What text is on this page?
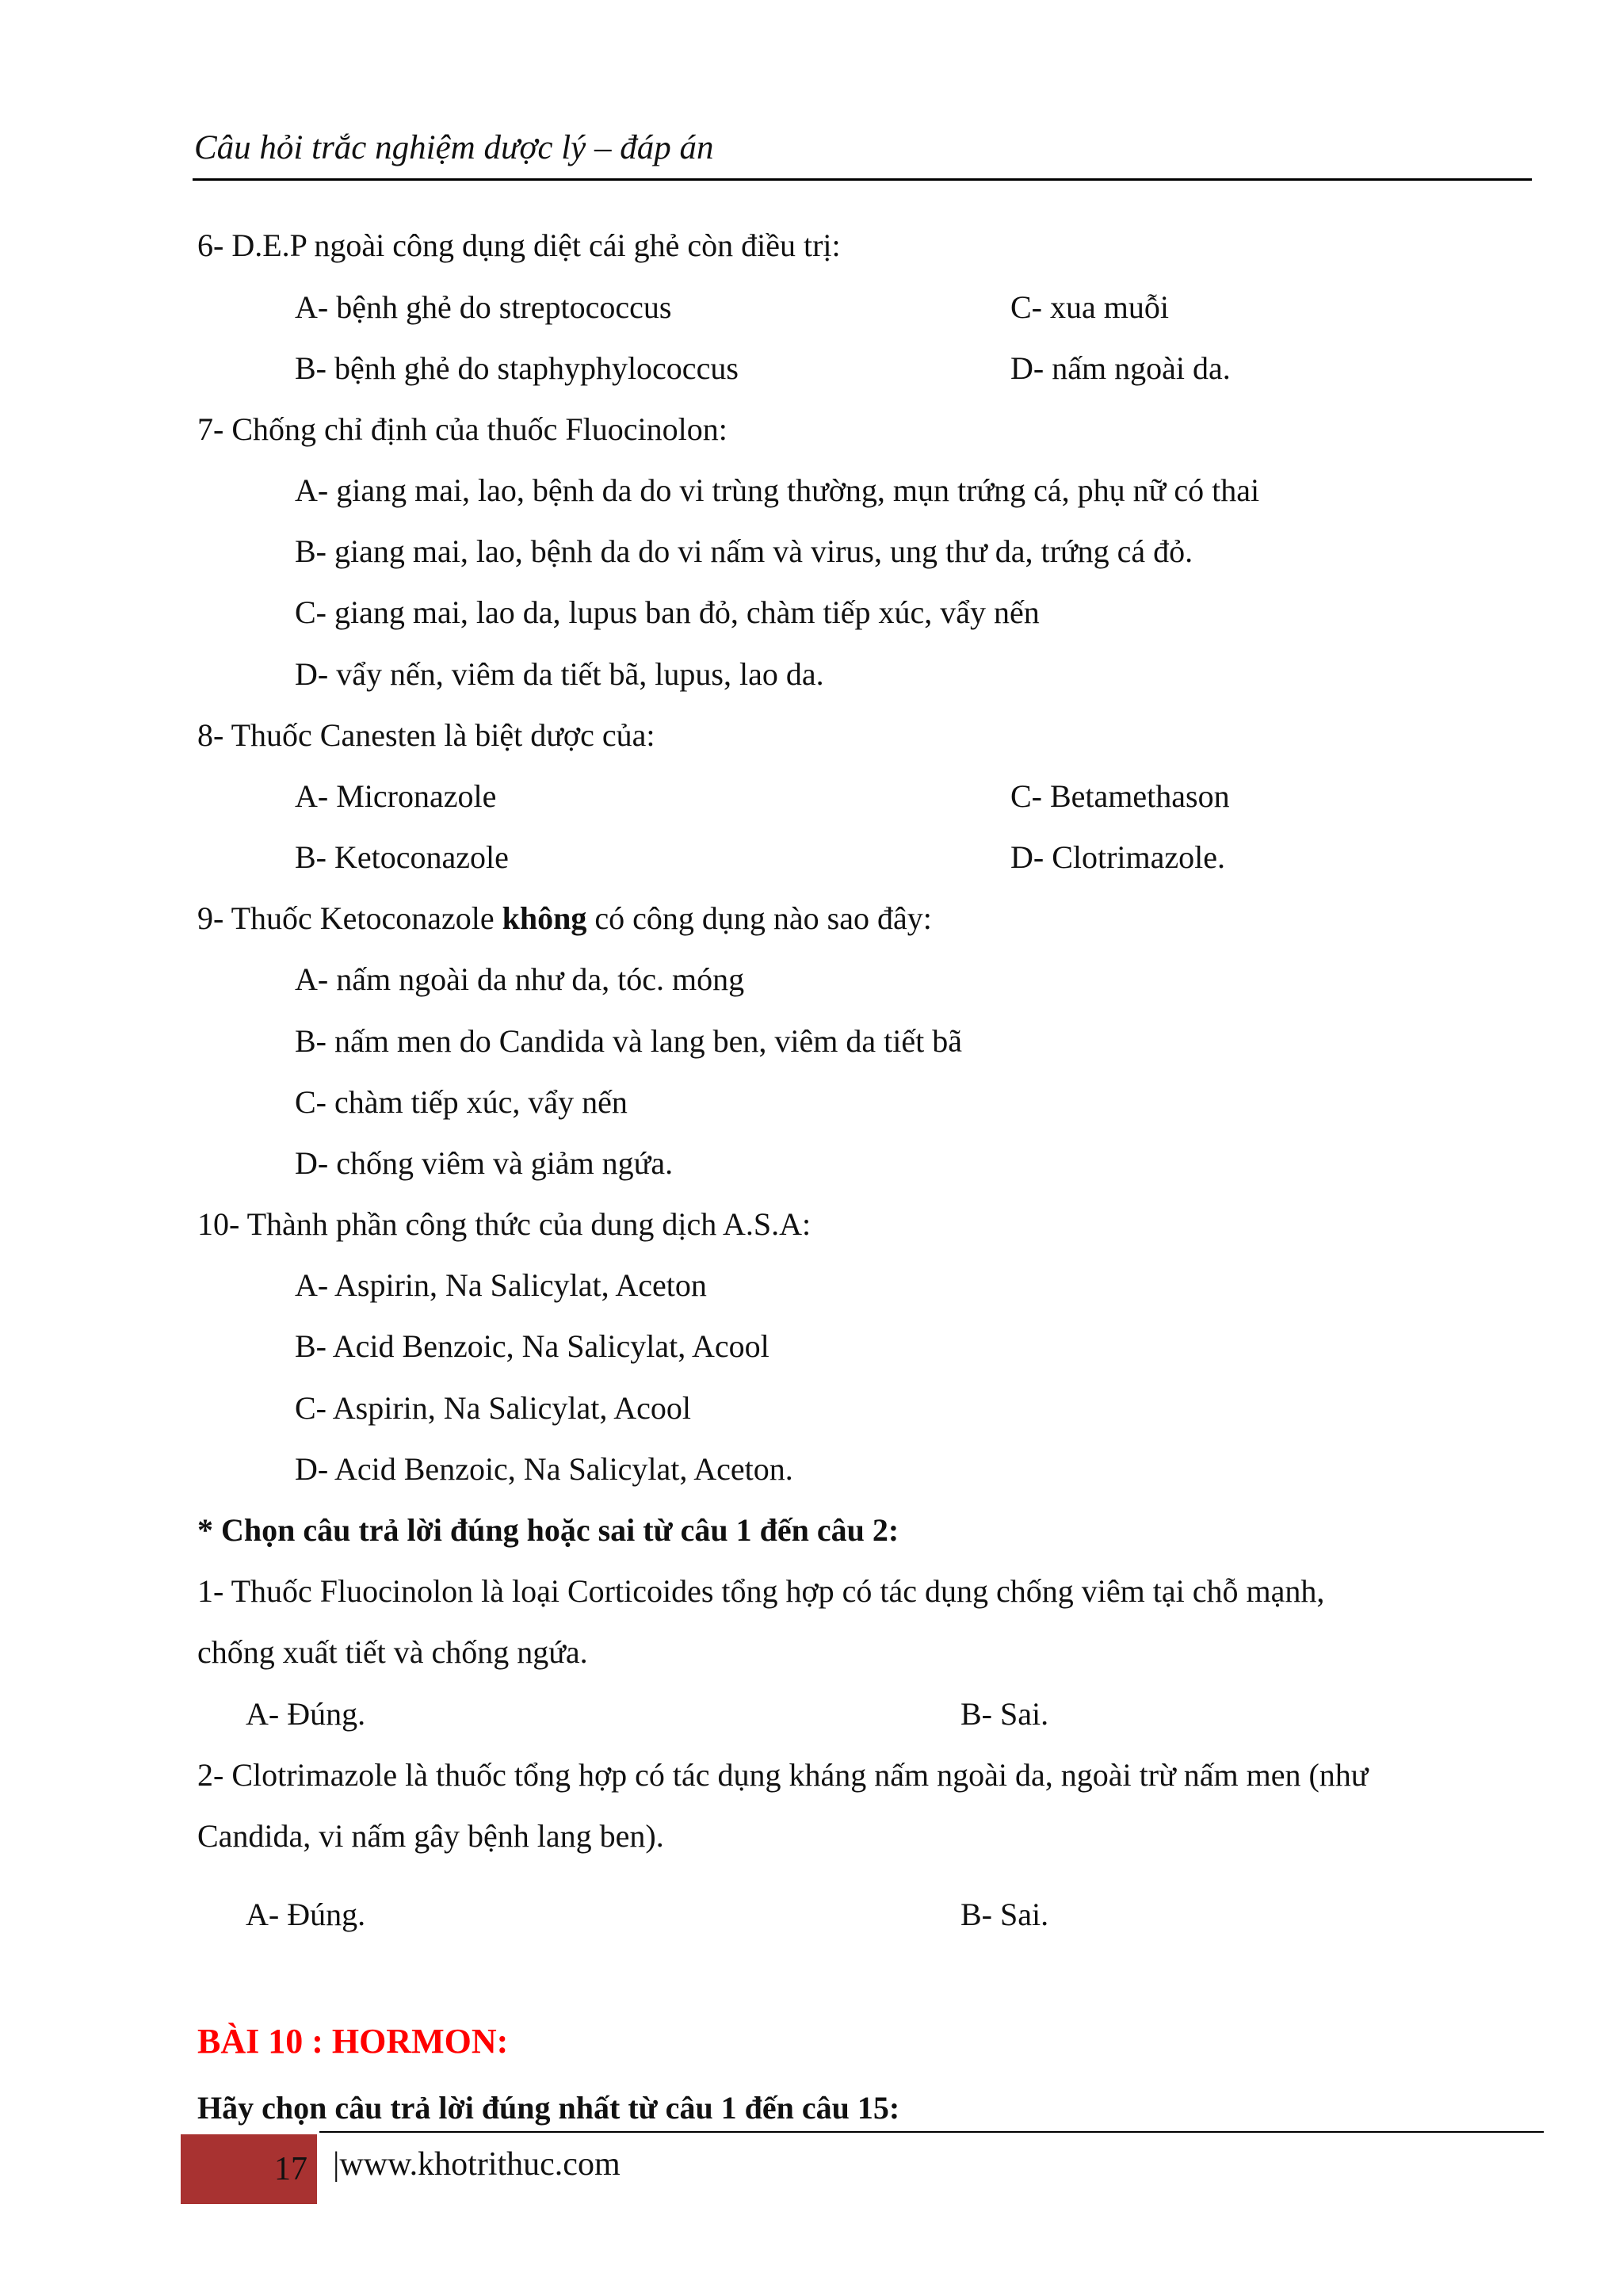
Câu hỏi trắc nghiệm dược lý – đáp án
6- D.E.P ngoài công dụng diệt cái ghẻ còn điều trị:
A- bệnh ghẻ do streptococcus	C- xua muỗi
B- bệnh ghẻ do staphyphylococcus	D- nấm ngoài da.
7- Chống chỉ định của thuốc Fluocinolon:
A- giang mai, lao, bệnh da do vi trùng thường, mụn trứng cá, phụ nữ có thai
B- giang mai, lao, bệnh da do vi nấm và virus, ung thư da, trứng cá đỏ.
C- giang mai, lao da, lupus ban đỏ, chàm tiếp xúc, vẩy nến
D- vẩy nến, viêm da tiết bã, lupus, lao da.
8- Thuốc Canesten là biệt dược của:
A- Micronazole	C- Betamethason
B- Ketoconazole	D- Clotrimazole.
9- Thuốc Ketoconazole không có công dụng nào sao đây:
A- nấm ngoài da như da, tóc. móng
B- nấm men do Candida và lang ben, viêm da tiết bã
C- chàm tiếp xúc, vẩy nến
D- chống viêm và giảm ngứa.
10- Thành phần công thức của dung dịch A.S.A:
A- Aspirin, Na Salicylat, Aceton
B- Acid Benzoic, Na Salicylat, Acool
C- Aspirin, Na Salicylat, Acool
D- Acid Benzoic, Na Salicylat, Aceton.
* Chọn câu trả lời đúng hoặc sai từ câu 1 đến câu 2:
1- Thuốc Fluocinolon là loại Corticoides tổng hợp có tác dụng chống viêm tại chỗ mạnh,
chống xuất tiết và chống ngứa.
A- Đúng.	B- Sai.
2- Clotrimazole là thuốc tổng hợp có tác dụng kháng nấm ngoài da, ngoài trừ nấm men (như
Candida, vi nấm gây bệnh lang ben).
A- Đúng.	B- Sai.
BÀI 10 : HORMON:
Hãy chọn câu trả lời đúng nhất từ câu 1 đến câu 15:
17 |www.khotrithuc.com
